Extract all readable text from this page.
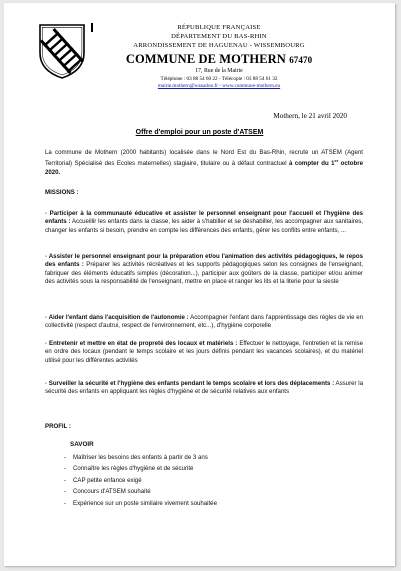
RÉPUBLIQUE FRANÇAISE
DÉPARTEMENT DU BAS-RHIN
ARRONDISSEMENT DE HAGUENAU - WISSEMBOURG
COMMUNE DE MOTHERN 67470
17, Rue de la Mairie
Téléphone : 03 88 54 60 22 - Télécopie : 03 88 54 61 32
mairie.mothern@wanadoo.fr - www.commune-mothern.eu
Mothern, le 21 avril 2020
Offre d'emploi pour un poste d'ATSEM
La commune de Mothern (2000 habitants) localisée dans le Nord Est du Bas-Rhin, recrute un ATSEM (Agent Territorial) Spécialisé des Ecoles maternelles) stagiaire, titulaire ou à défaut contractuel à compter du 1er octobre 2020.
MISSIONS :
- Participer à la communauté éducative et assister le personnel enseignant pour l'accueil et l'hygiène des enfants : Accueillir les enfants dans la classe, les aider à s'habiller et se déshabiller, les accompagner aux sanitaires, changer les enfants si besoin, prendre en compte les différences des enfants, gérer les conflits entre enfants, ...
- Assister le personnel enseignant pour la préparation et/ou l'animation des activités pédagogiques, le repos des enfants : Préparer les activités récréatives et les supports pédagogiques selon les consignes de l'enseignant, fabriquer des éléments éducatifs simples (décoration...), participer aux goûters de la classe, participer et/ou animer des activités sous la responsabilité de l'enseignant, mettre en place et ranger les lits et la literie pour la sieste
- Aider l'enfant dans l'acquisition de l'autonomie : Accompagner l'enfant dans l'apprentissage des règles de vie en collectivité (respect d'autrui, respect de l'environnement, etc...), d'hygiène corporelle
- Entretenir et mettre en état de propreté des locaux et matériels : Effectuer le nettoyage, l'entretien et la remise en ordre des locaux (pendant le temps scolaire et les jours définis pendant les vacances scolaires), et du matériel utilisé pour les différentes activités
- Surveiller la sécurité et l'hygiène des enfants pendant le temps scolaire et lors des déplacements : Assurer la sécurité des enfants en appliquant les règles d'hygiène et de sécurité relatives aux enfants
PROFIL :
SAVOIR
- Maîtriser les besoins des enfants à partir de 3 ans
- Connaître les règles d'hygiène et de sécurité
- CAP petite enfance exigé
- Concours d'ATSEM souhaité
- Expérience sur un poste similaire vivement souhaitée
